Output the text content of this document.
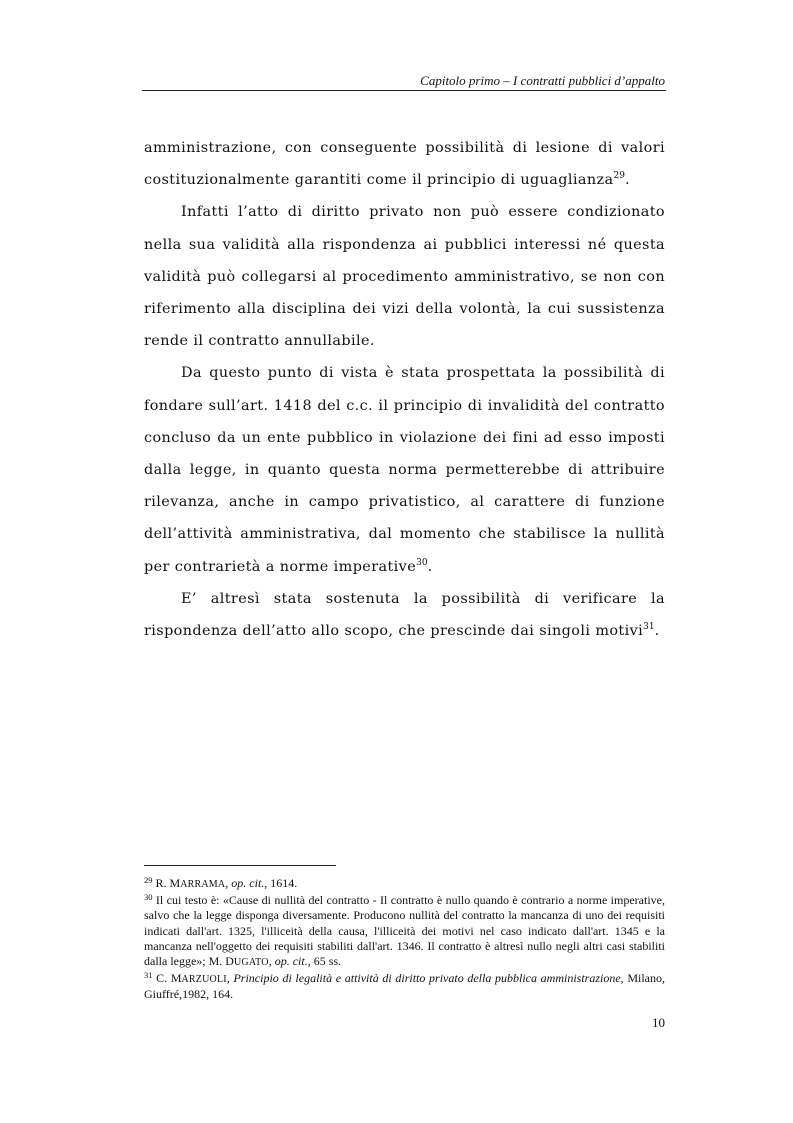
Capitolo primo – I contratti pubblici d’appalto

amministrazione, con conseguente possibilità di lesione di valori costituzionalmente garantiti come il principio di uguaglianza$^{29}$.

Infatti l’atto di diritto privato non può essere condizionato nella sua validità alla rispondenza ai pubblici interessi né questa validità può collegarsi al procedimento amministrativo, se non con riferimento alla disciplina dei vizi della volontà, la cui sussistenza rende il contratto annullabile.

Da questo punto di vista è stata prospettata la possibilità di fondare sull’art. 1418 del c.c. il principio di invalidità del contratto concluso da un ente pubblico in violazione dei fini ad esso imposti dalla legge, in quanto questa norma permetterebbe di attribuire rilevanza, anche in campo privatistico, al carattere di funzione dell’attività amministrativa, dal momento che stabilisce la nullità per contrarietà a norme imperative$^{30}$.

E’ altresì stata sostenuta la possibilità di verificare la rispondenza dell’atto allo scopo, che prescinde dai singoli motivi$^{31}$.

$^{29}$ R. MARRAMA, op. cit., 1614.

$^{30}$ Il cui testo è: «Cause di nullità del contratto - Il contratto è nullo quando è contrario a norme imperative, salvo che la legge disponga diversamente. Producono nullità del contratto la mancanza di uno dei requisiti indicati dall'art. 1325, l'illiceità della causa, l'illiceità dei motivi nel caso indicato dall'art. 1345 e la mancanza nell'oggetto dei requisiti stabiliti dall'art. 1346. Il contratto è altresì nullo negli altri casi stabiliti dalla legge»; M. DUGATO, op. cit., 65 ss.

$^{31}$ C. MARZUOLI, Principio di legalità e attività di diritto privato della pubblica amministrazione, Milano, Giuffré,1982, 164.

10
